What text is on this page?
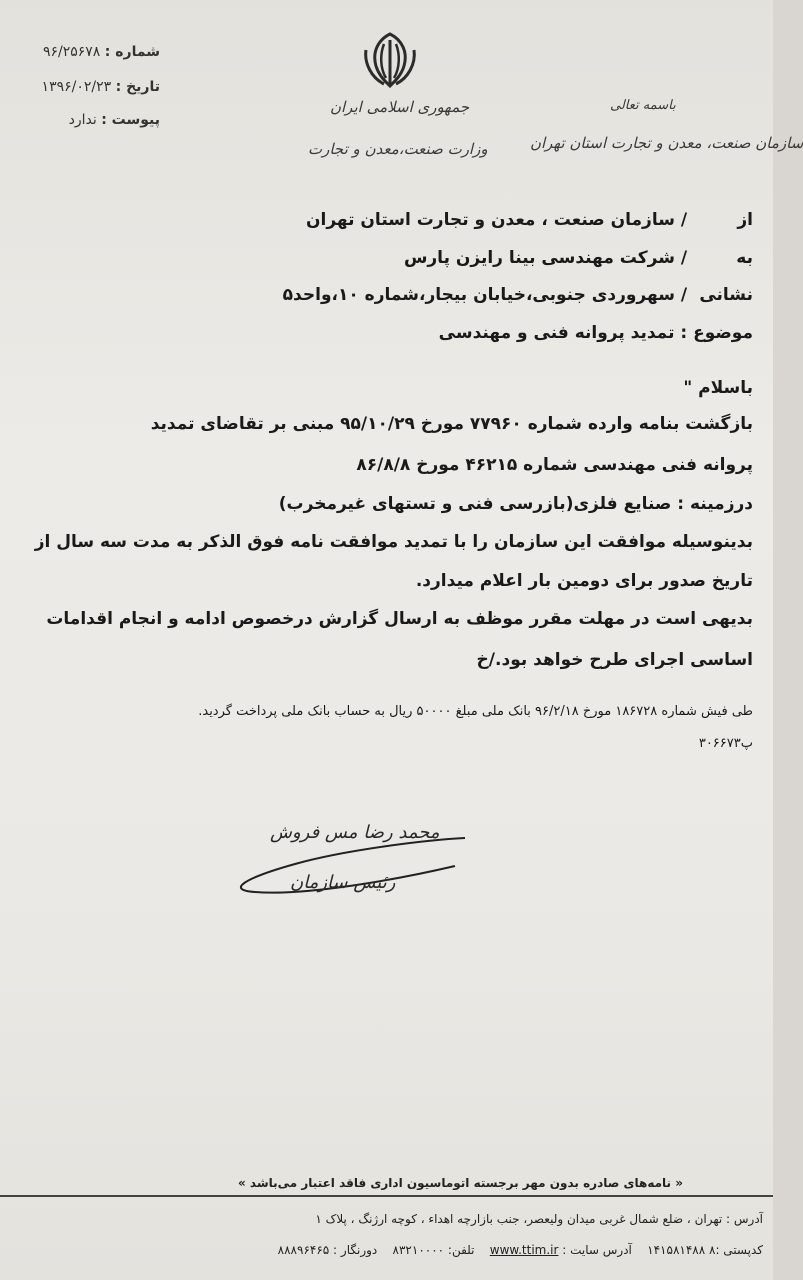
شماره : ۹۶/۲۵۶۷۸
تاریخ : ۱۳۹۶/۰۲/۲۳
پیوست : ندارد
جمهوری اسلامی ایران
وزارت صنعت،معدن و تجارت
باسمه تعالی
سازمان صنعت، معدن و تجارت استان تهران
از / سازمان صنعت ، معدن و تجارت استان تهران
به / شرکت مهندسی بینا رایزن پارس
نشانی / سهروردی جنوبی،خیابان بیجار،شماره ۱۰،واحد۵
موضوع : تمدید پروانه فنی و مهندسی
باسلام "
بازگشت بنامه وارده شماره ۷۷۹۶۰ مورخ ۹۵/۱۰/۲۹ مبنی بر تقاضای تمدید
پروانه فنی مهندسی شماره ۴۶۲۱۵ مورخ ۸۶/۸/۸
درزمینه : صنایع فلزی(بازرسی فنی و تستهای غیرمخرب)
بدینوسیله موافقت این سازمان را با تمدید موافقت نامه فوق الذکر به مدت سه سال از
تاریخ صدور برای دومین بار اعلام میدارد.
بدیهی است در مهلت مقرر موظف به ارسال گزارش درخصوص ادامه و انجام اقدامات
اساسی اجرای طرح خواهد بود./خ
طی فیش شماره ۱۸۶۷۲۸ مورخ ۹۶/۲/۱۸ بانک ملی مبلغ ۵۰۰۰۰ ریال به حساب بانک ملی پرداخت گردید.
پ۳۰۶۶۷۳
محمد رضا مس فروش
رئیس سازمان
« نامه‌های صادره بدون مهر برجسته اتوماسیون اداری فاقد اعتبار می‌باشد »
آدرس : تهران ، ضلع شمال غربی میدان ولیعصر، جنب بازارچه اهداء ، کوچه ارژنگ ، پلاک ۱
کدپستی :۸ ۱۴۱۵۸۱۴۸۸    آدرس سایت : www.ttim.ir    تلفن: ۸۳۲۱۰۰۰۰    دورنگار : ۸۸۸۹۶۴۶۵
